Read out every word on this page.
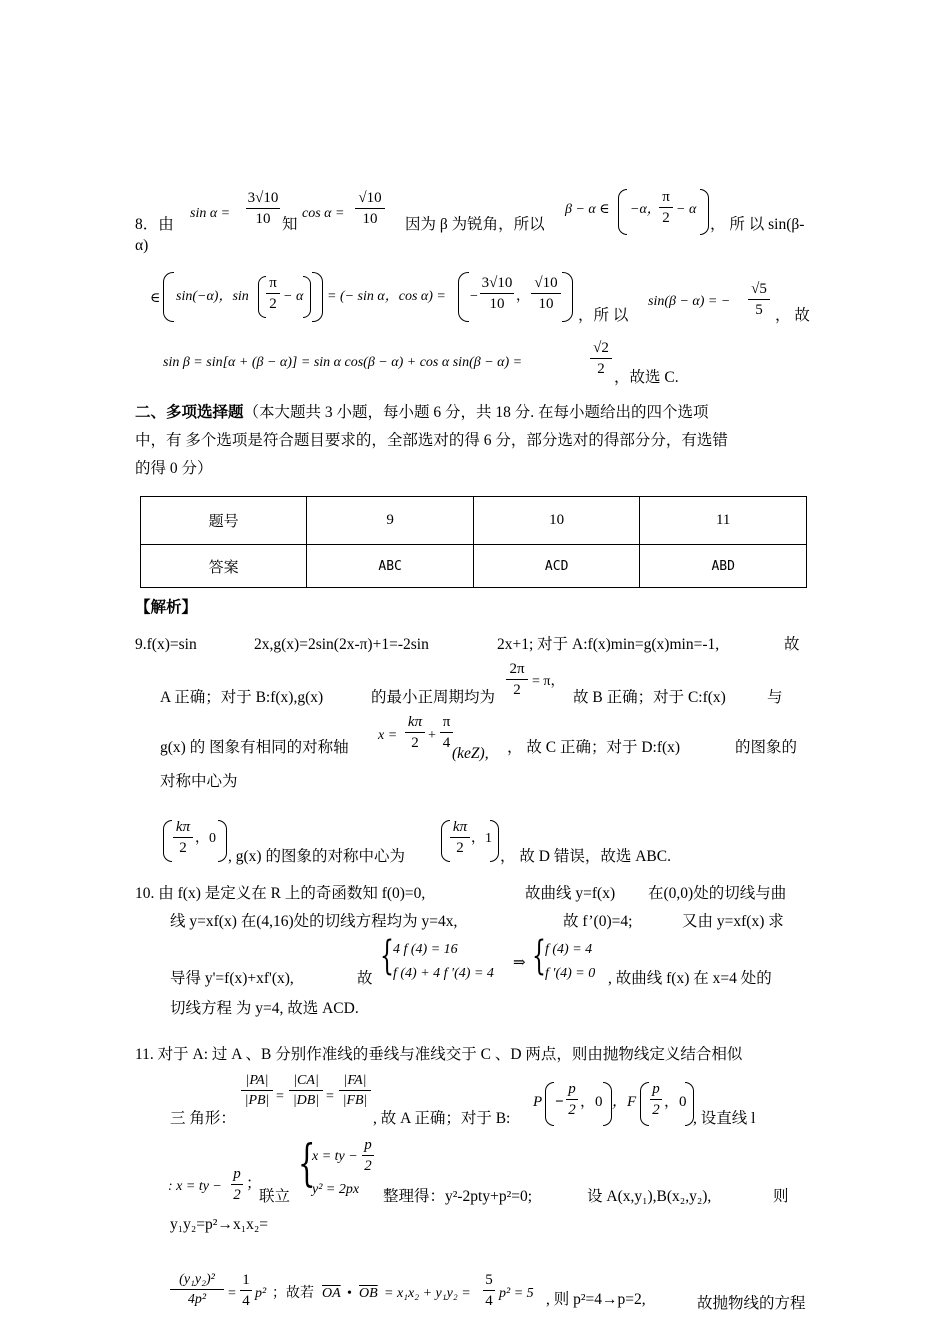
8．由
$\sin \alpha = \frac{3√10}{10}$ 知
$\cos \alpha = \frac{√10}{10}$ 因为 β 为锐角，所以
β − α ∈ −α，
$\frac{\pi}{2} - \alpha$
， 所 以 sin(β-
α)
∈ sin(−α)，$\sin \frac{\pi}{2} - \alpha$ = (− sin α，cos α) = − $\frac{3√10}{10}$ ， $\frac{√10}{10}$
，所 以
sin(β − α) = − $\frac{√5}{5}$ ， 故
sin β = sin[α + (β − α)] = sin α cos(β − α) + cos α sin(β − α) =	$\frac{√2}{2}$
，故选 C.
二、多项选择题（本大题共 3 小题，每小题 6 分，共 18 分. 在每小题给出的四个选项
中，有 多个选项是符合题目要求的，全部选对的得 6 分，部分选对的得部分分，有选错
的得 0 分）
题号	9	10	11
答案	ABC	ACD	ABD
【解析】
9.f(x)=sin	2x,g(x)=2sin(2x-π)+1=-2sin	2x+1; 对于 A:f(x)min=g(x)min=-1,	故
$\frac{2\pi}{2} = \pi$，
A 正确；对于 B:f(x),g(x)	的最小正周期均为	故 B 正确；对于 C:f(x)	与
g(x) 的 图象有相同的对称轴
$x = \frac{k\pi}{2} + \frac{\pi}{4}$
(keZ), ， 故 C 正确；对于 D:f(x)	的图象的
对称中心为
$\frac{k\pi}{2}$ ，0
, g(x) 的图象的对称中心为
$\frac{k\pi}{2}$ ，1
， 故 D 错误，故选 ABC.
10. 由 f(x) 是定义在 R 上的奇函数知 f(0)=0,	故曲线 y=f(x) 在(0,0)处的切线与曲
线 y=xf(x) 在(4,16)处的切线方程均为 y=4x,	故 f’(0)=4;	又由 y=xf(x) 求
{ 4 f (4) = 16
f (4) + 4 f ′(4) = 4
⇒ { f (4) = 4
f ′(4) = 0
导得 y'=f(x)+xf'(x),	故	, 故曲线 f(x) 在 x=4 处的
切线方程 为 y=4, 故选 ACD.
11. 对于 A: 过 A 、B 分别作准线的垂线与准线交于 C 、D 两点，则由抛物线定义结合相似
三 角形：
$\frac{|PA|}{|PB|} = \frac{|CA|}{|DB|} = \frac{|FA|}{|FB|}$
, 故 A 正确；对于 B:
$P - \frac{p}{2}$ ，0 ，F $\frac{p}{2}$ ，0
, 设直线 l
: x = ty − $\frac{p}{2}$ ；
联立
{
x = ty − $\frac{p}{2}$
y² = 2px 整理得：y²-2pty+p²=0;	设 A(x,y₁),B(x₂,y₂),	则
y₁y₂=p²→x₁x₂=
$\frac{\text{(y₁y₂)²}}{\text{4p²}} = \frac{1}{4} p^2$ ；故若 $\overline{OA}$ • $\overline{OB} = x_1x_2 + y_1y_2 = \frac{5}{4} p^2 = 5$ , 则 p²=4→p=2,	故抛物线的方程
